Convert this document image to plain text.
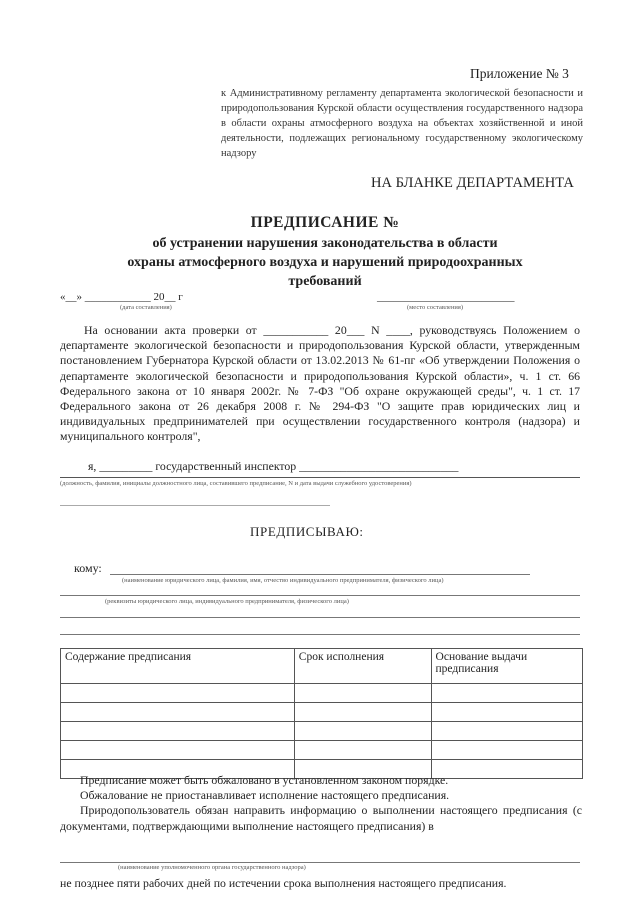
Приложение № 3
к Административному регламенту департамента экологической безопасности и природопользования Курской области осуществления государственного надзора в области охраны атмосферного воздуха на объектах хозяйственной и иной деятельности, подлежащих региональному государственному экологическому надзору
НА БЛАНКЕ ДЕПАРТАМЕНТА
ПРЕДПИСАНИЕ №
об устранении нарушения законодательства в области
охраны атмосферного воздуха и нарушений природоохранных требований
«__» ____________ 20__ г
(дата составления)
_________________________
(место составления)

На основании акта проверки от ___________ 20___ N ____, руководствуясь Положением о департаменте экологической безопасности и природопользования Курской области, утвержденным постановлением Губернатора Курской области от 13.02.2013 № 61-пг «Об утверждении Положения о департаменте экологической безопасности и природопользования Курской области», ч. 1 ст. 66 Федерального закона от 10 января 2002г. № 7-ФЗ "Об охране окружающей среды", ч. 1 ст. 17 Федерального закона от 26 декабря 2008 г. № 294-ФЗ "О защите прав юридических лиц и индивидуальных предпринимателей при осуществлении государственного контроля (надзора) и муниципального контроля",

я, _________ государственный инспектор ___________________________
(должность, фамилия, инициалы должностного лица, составившего предписание, N и дата выдачи служебного удостоверения)
ПРЕДПИСЫВАЮ:
кому:
(наименование юридического лица, фамилия, имя, отчество индивидуального предпринимателя, физического лица)
(реквизиты юридического лица, индивидуального предпринимателя, физического лица)
Содержание предписания	Срок исполнения	Основание выдачи предписания

Предписание может быть обжаловано в установленном законом порядке.

Обжалование не приостанавливает исполнение настоящего предписания.

Природопользователь обязан направить информацию о выполнении настоящего предписания (с документами, подтверждающими выполнение настоящего предписания) в

(наименование уполномоченного органа государственного надзора)
не позднее пяти рабочих дней по истечении срока выполнения настоящего предписания.
